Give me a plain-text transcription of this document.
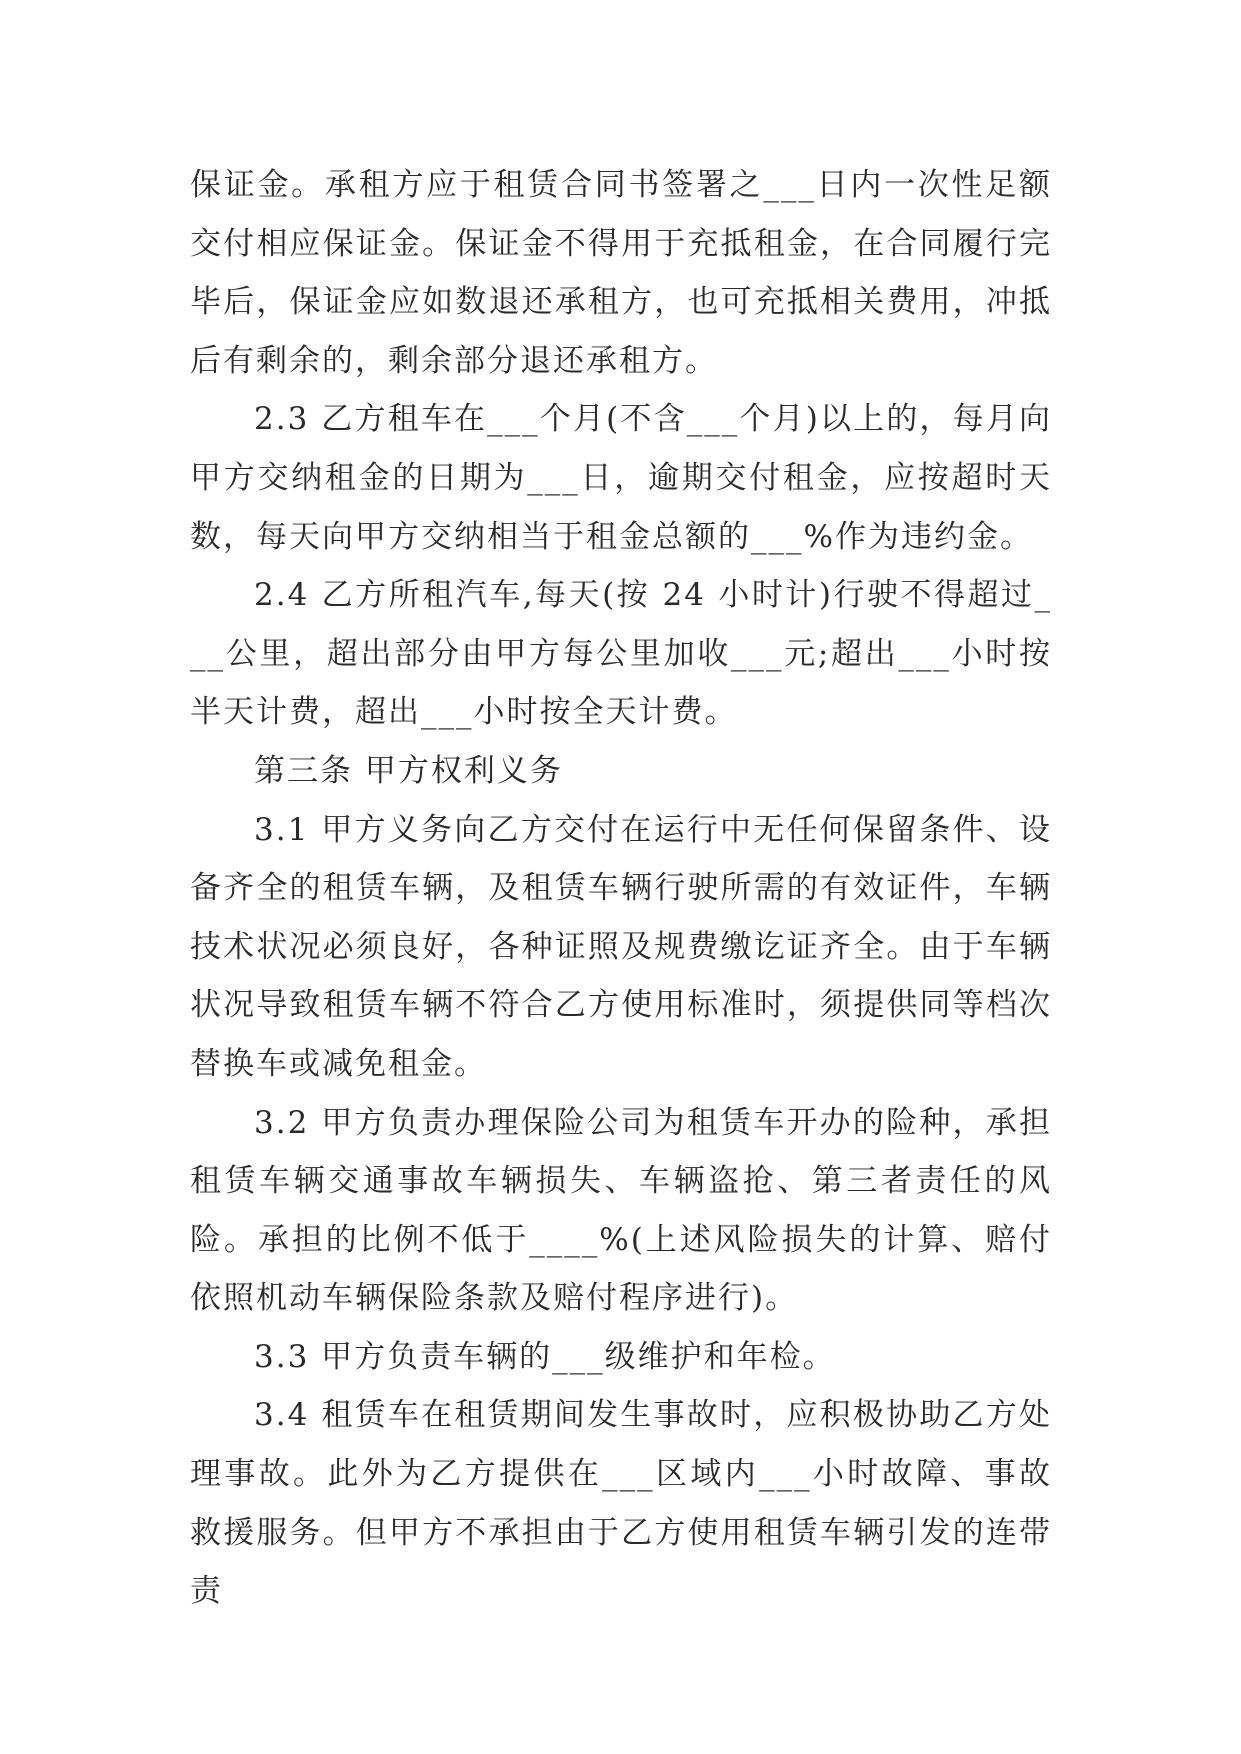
保证金。承租方应于租赁合同书签署之___日内一次性足额交付相应保证金。保证金不得用于充抵租金，在合同履行完毕后，保证金应如数退还承租方，也可充抵相关费用，冲抵后有剩余的，剩余部分退还承租方。

2.3 乙方租车在___个月(不含___个月)以上的，每月向甲方交纳租金的日期为___日，逾期交付租金，应按超时天数，每天向甲方交纳相当于租金总额的___%作为违约金。

2.4 乙方所租汽车,每天(按 24 小时计)行驶不得超过___公里，超出部分由甲方每公里加收___元;超出___小时按半天计费，超出___小时按全天计费。

第三条 甲方权利义务

3.1 甲方义务向乙方交付在运行中无任何保留条件、设备齐全的租赁车辆，及租赁车辆行驶所需的有效证件，车辆技术状况必须良好，各种证照及规费缴讫证齐全。由于车辆状况导致租赁车辆不符合乙方使用标准时，须提供同等档次替换车或减免租金。

3.2 甲方负责办理保险公司为租赁车开办的险种，承担租赁车辆交通事故车辆损失、车辆盗抢、第三者责任的风险。承担的比例不低于____%(上述风险损失的计算、赔付依照机动车辆保险条款及赔付程序进行)。

3.3 甲方负责车辆的___级维护和年检。

3.4 租赁车在租赁期间发生事故时，应积极协助乙方处理事故。此外为乙方提供在___区域内___小时故障、事故救援服务。但甲方不承担由于乙方使用租赁车辆引发的连带责
